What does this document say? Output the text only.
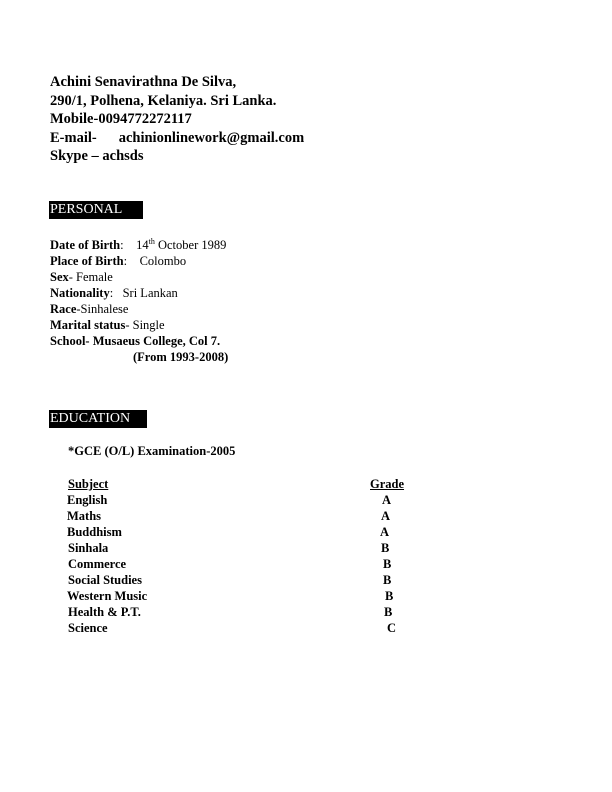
Achini Senavirathna De Silva,
290/1, Polhena, Kelaniya. Sri Lanka.
Mobile-0094772272117
E-mail- achinionlinework@gmail.com
Skype – achsds
PERSONAL
Date of Birth:    14th October 1989
Place of Birth:    Colombo
Sex- Female
Nationality:   Sri Lankan
Race-Sinhalese
Marital status- Single
School- Musaeus College, Col 7.
(From 1993-2008)
EDUCATION
*GCE (O/L) Examination-2005
Subject	Grade
English	A
Maths	A
Buddhism	A
Sinhala	B
Commerce	B
Social Studies	B
Western Music	B
Health & P.T.	B
Science	C
